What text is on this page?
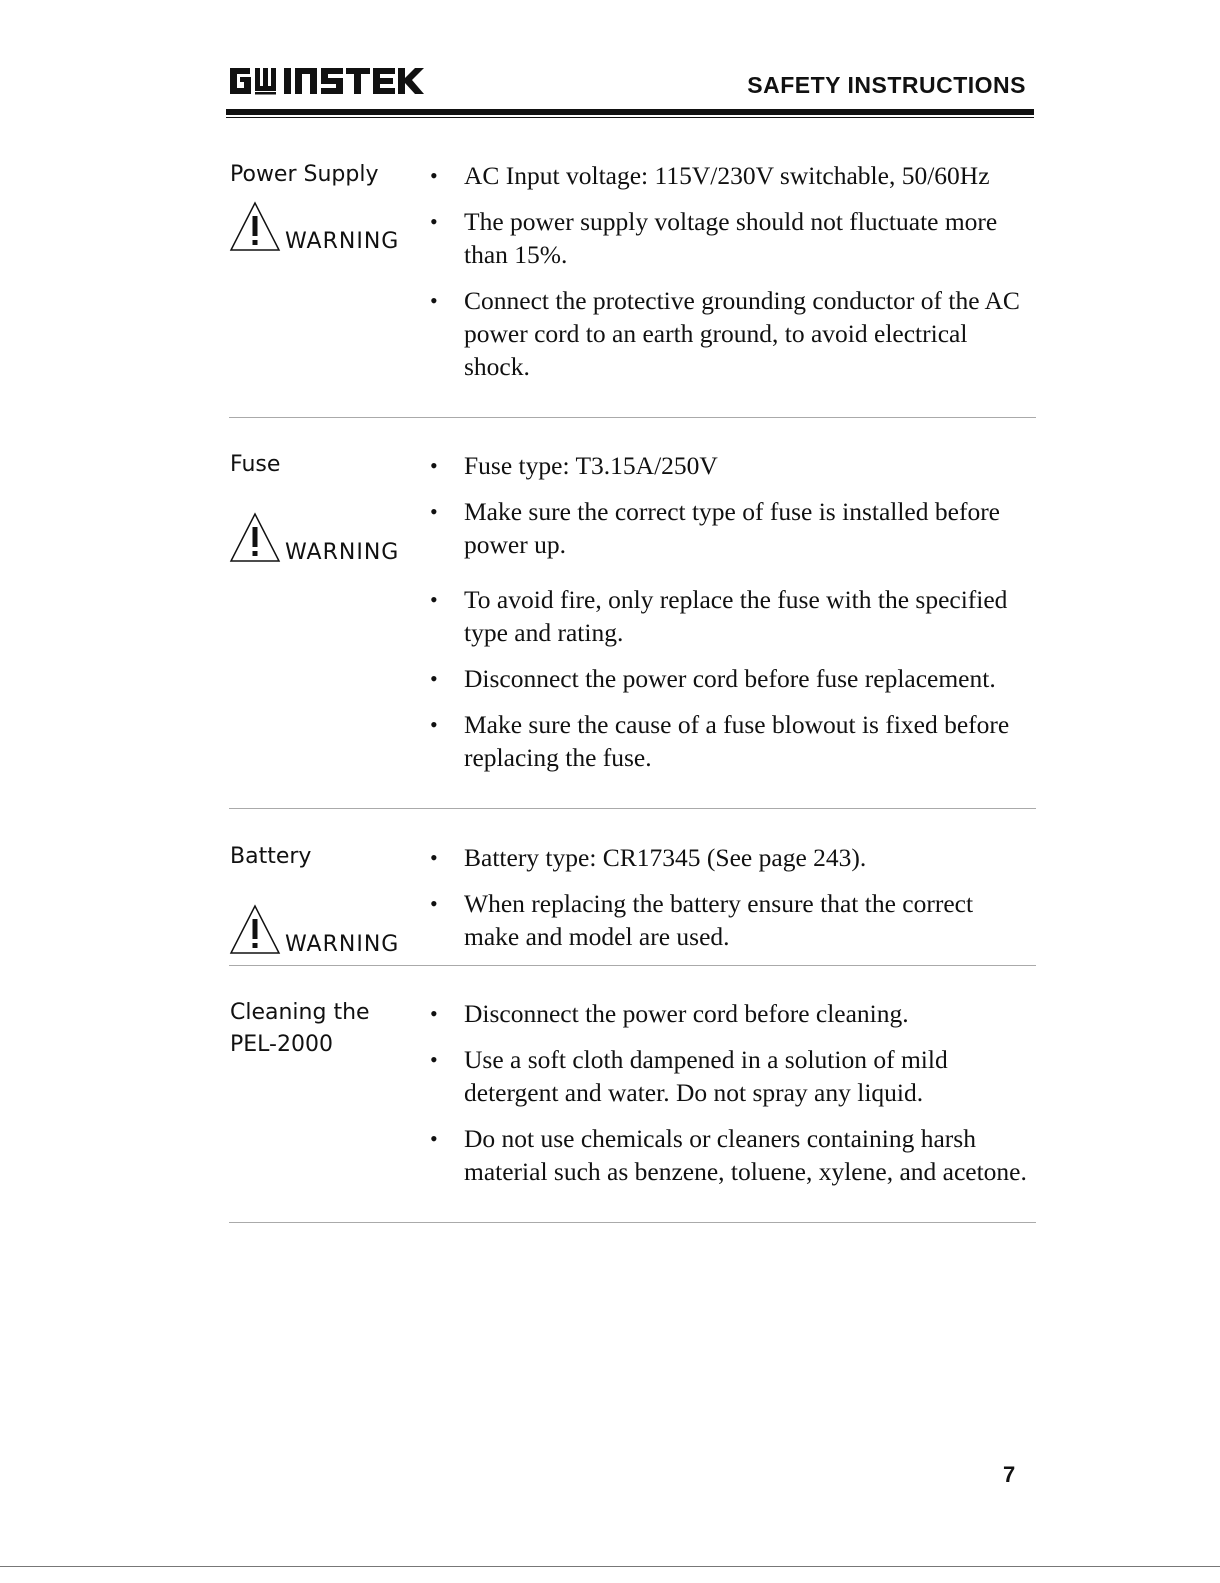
SAFETY INSTRUCTIONS
Power Supply
WARNING
• AC Input voltage: 115V/230V switchable, 50/60Hz
• The power supply voltage should not fluctuate more than 15%.
• Connect the protective grounding conductor of the AC power cord to an earth ground, to avoid electrical shock.
Fuse
WARNING
• Fuse type: T3.15A/250V
• Make sure the correct type of fuse is installed before power up.
• To avoid fire, only replace the fuse with the specified type and rating.
• Disconnect the power cord before fuse replacement.
• Make sure the cause of a fuse blowout is fixed before replacing the fuse.
Battery
WARNING
• Battery type: CR17345 (See page 243).
• When replacing the battery ensure that the correct make and model are used.
Cleaning the PEL-2000
• Disconnect the power cord before cleaning.
• Use a soft cloth dampened in a solution of mild detergent and water. Do not spray any liquid.
• Do not use chemicals or cleaners containing harsh material such as benzene, toluene, xylene, and acetone.
7
